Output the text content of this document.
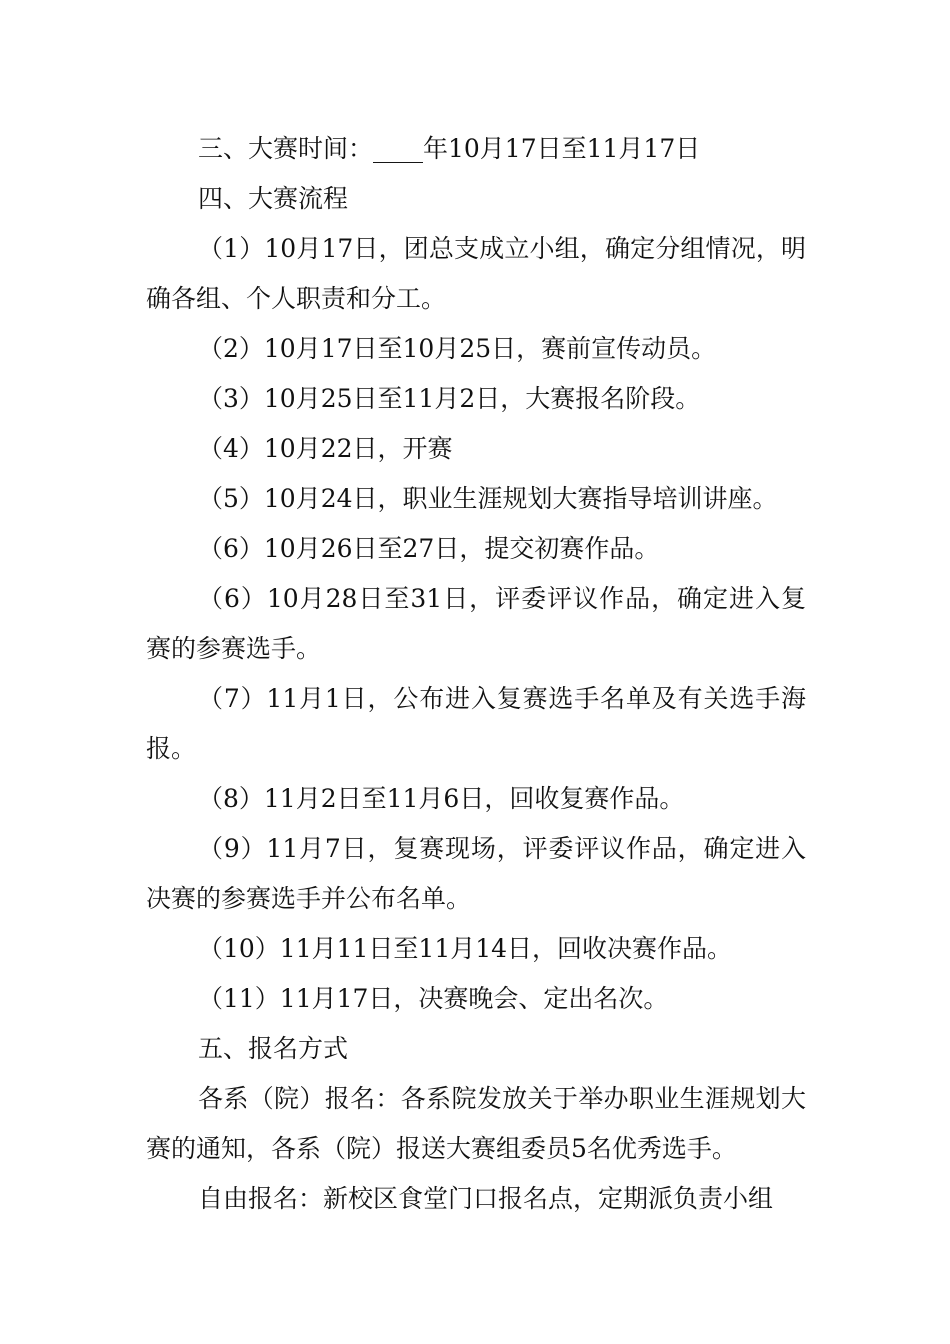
三、大赛时间：____年10月17日至11月17日

四、大赛流程

（1）10月17日，团总支成立小组，确定分组情况，明确各组、个人职责和分工。

（2）10月17日至10月25日，赛前宣传动员。

（3）10月25日至11月2日，大赛报名阶段。

（4）10月22日，开赛

（5）10月24日，职业生涯规划大赛指导培训讲座。

（6）10月26日至27日，提交初赛作品。

（6）10月28日至31日，评委评议作品，确定进入复赛的参赛选手。

（7）11月1日，公布进入复赛选手名单及有关选手海报。

（8）11月2日至11月6日，回收复赛作品。

（9）11月7日，复赛现场，评委评议作品，确定进入决赛的参赛选手并公布名单。

（10）11月11日至11月14日，回收决赛作品。

（11）11月17日，决赛晚会、定出名次。

五、报名方式

各系（院）报名：各系院发放关于举办职业生涯规划大赛的通知，各系（院）报送大赛组委员5名优秀选手。

自由报名：新校区食堂门口报名点，定期派负责小组
